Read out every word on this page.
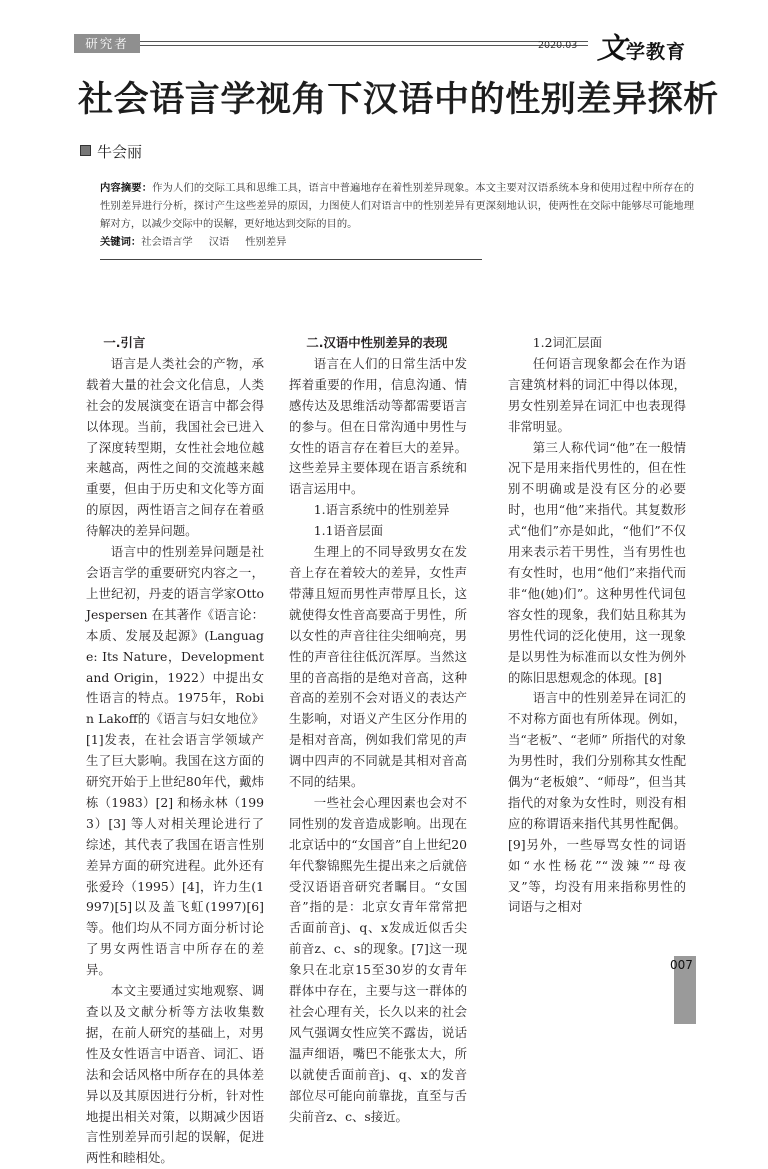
研究者	2020.03 文学教育
社会语言学视角下汉语中的性别差异探析
牛会丽
内容摘要：作为人们的交际工具和思维工具，语言中普遍地存在着性别差异现象。本文主要对汉语系统本身和使用过程中所存在的性别差异进行分析，探讨产生这些差异的原因，力图使人们对语言中的性别差异有更深刻地认识，使两性在交际中能够尽可能地理解对方，以减少交际中的误解，更好地达到交际的目的。
关键词：社会语言学 汉语 性别差异
一.引言

语言是人类社会的产物，承载着大量的社会文化信息，人类社会的发展演变在语言中都会得以体现。当前，我国社会已进入了深度转型期，女性社会地位越来越高，两性之间的交流越来越重要，但由于历史和文化等方面的原因，两性语言之间存在着亟待解决的差异问题。

语言中的性别差异问题是社会语言学的重要研究内容之一，上世纪初，丹麦的语言学家Otto Jespersen 在其著作《语言论：本质、发展及起源》(Language: Its Nature，Development and Origin，1922）中提出女性语言的特点。1975年，Robin Lakoff的《语言与妇女地位》[1]发表，在社会语言学领域产生了巨大影响。我国在这方面的研究开始于上世纪80年代，戴炜栋（1983）[2] 和杨永林（1993）[3] 等人对相关理论进行了综述，其代表了我国在语言性别差异方面的研究进程。此外还有张爱玲（1995）[4]，许力生(1997)[5]以及盖飞虹(1997)[6]等。他们均从不同方面分析讨论了男女两性语言中所存在的差异。

本文主要通过实地观察、调查以及文献分析等方法收集数据，在前人研究的基础上，对男性及女性语言中语音、词汇、语法和会话风格中所存在的具体差异以及其原因进行分析，针对性地提出相关对策，以期减少因语言性别差异而引起的误解，促进两性和睦相处。

二.汉语中性别差异的表现

语言在人们的日常生活中发挥着重要的作用，信息沟通、情感传达及思维活动等都需要语言的参与。但在日常沟通中男性与女性的语言存在着巨大的差异。这些差异主要体现在语言系统和语言运用中。

1.语言系统中的性别差异

1.1语音层面

生理上的不同导致男女在发音上存在着较大的差异，女性声带薄且短而男性声带厚且长，这就使得女性音高要高于男性，所以女性的声音往往尖细响亮，男性的声音往往低沉浑厚。当然这里的音高指的是绝对音高，这种音高的差别不会对语义的表达产生影响，对语义产生区分作用的是相对音高，例如我们常见的声调中四声的不同就是其相对音高不同的结果。

一些社会心理因素也会对不同性别的发音造成影响。出现在北京话中的“女国音”自上世纪20年代黎锦熙先生提出来之后就倍受汉语语音研究者瞩目。“女国音”指的是：北京女青年常常把舌面前音j、q、x发成近似舌尖前音z、c、s的现象。[7]这一现象只在北京15至30岁的女青年群体中存在，主要与这一群体的社会心理有关，长久以来的社会风气强调女性应笑不露齿，说话温声细语，嘴巴不能张太大，所以就使舌面前音j、q、x的发音部位尽可能向前靠拢，直至与舌尖前音z、c、s接近。

1.2词汇层面

任何语言现象都会在作为语言建筑材料的词汇中得以体现，男女性别差异在词汇中也表现得非常明显。

第三人称代词“他”在一般情况下是用来指代男性的，但在性别不明确或是没有区分的必要时，也用“他”来指代。其复数形式“他们”亦是如此，“他们”不仅用来表示若干男性，当有男性也有女性时，也用“他们”来指代而非“他(她)们”。这种男性代词包容女性的现象，我们姑且称其为男性代词的泛化使用，这一现象是以男性为标准而以女性为例外的陈旧思想观念的体现。[8]

语言中的性别差异在词汇的不对称方面也有所体现。例如，当“老板”、“老师” 所指代的对象为男性时，我们分别称其女性配偶为“老板娘”、“师母”，但当其指代的对象为女性时，则没有相应的称谓语来指代其男性配偶。[9]另外，一些辱骂女性的词语如“水性杨花”“泼辣”“母夜叉”等，均没有用来指称男性的词语与之相对

007
